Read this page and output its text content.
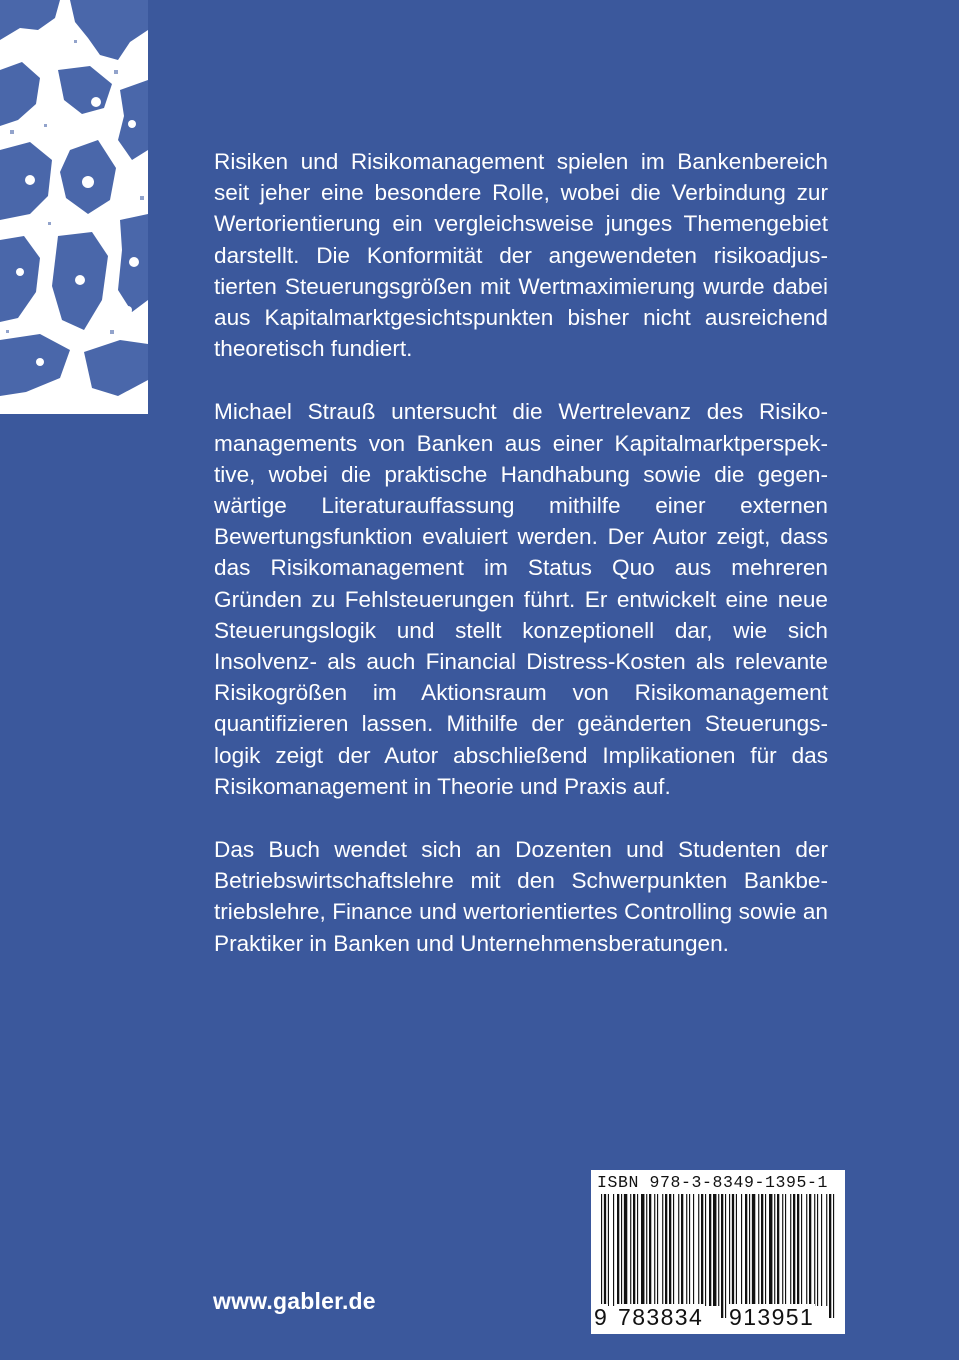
Risiken und Risikomanagement spielen im Bankenbereich seit jeher eine besondere Rolle, wobei die Verbindung zur Wertorientierung ein vergleichsweise junges Themengebiet darstellt. Die Konformität der angewendeten risikoadjustierten Steuerungsgrößen mit Wertmaximierung wurde dabei aus Kapitalmarktgesichtspunkten bisher nicht ausreichend theoretisch fundiert.

Michael Strauß untersucht die Wertrelevanz des Risikomanagements von Banken aus einer Kapitalmarktperspektive, wobei die praktische Handhabung sowie die gegenwärtige Literaturauffassung mithilfe einer externen Bewertungsfunktion evaluiert werden. Der Autor zeigt, dass das Risikomanagement im Status Quo aus mehreren Gründen zu Fehlsteuerungen führt. Er entwickelt eine neue Steuerungslogik und stellt konzeptionell dar, wie sich Insolvenz- als auch Financial Distress-Kosten als relevante Risikogrößen im Aktionsraum von Risikomanagement quantifizieren lassen. Mithilfe der geänderten Steuerungslogik zeigt der Autor abschließend Implikationen für das Risikomanagement in Theorie und Praxis auf.

Das Buch wendet sich an Dozenten und Studenten der Betriebswirtschaftslehre mit den Schwerpunkten Bankbetriebslehre, Finance und wertorientiertes Controlling sowie an Praktiker in Banken und Unternehmensberatungen.

www.gabler.de
ISBN 978-3-8349-1395-1
9 783834 913951
